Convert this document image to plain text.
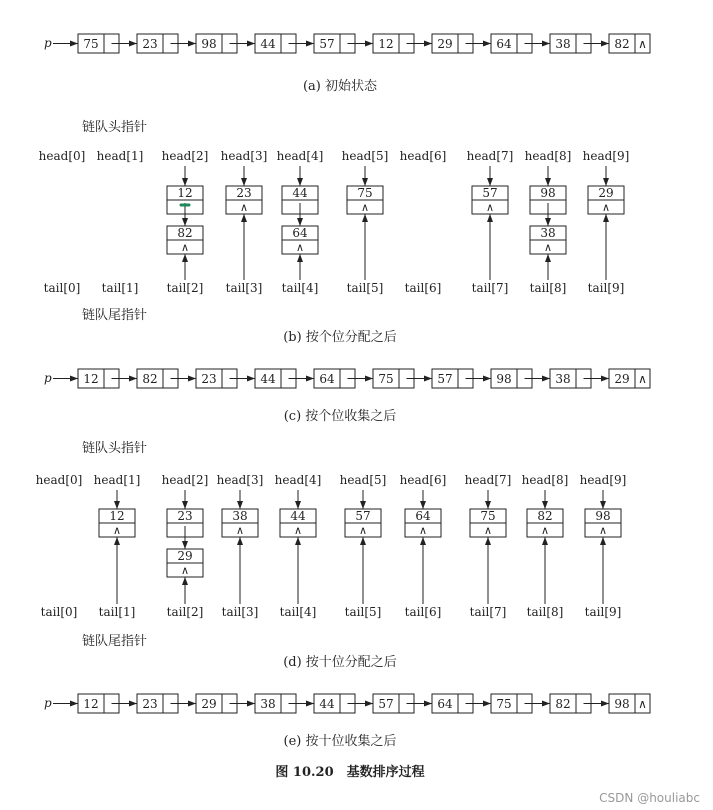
p	75	23	98	44	57	12	29	64	38	82 ∧
(a) 初始状态
链队头指针
head[0]
tail[0]
head[1]
tail[1]
head[2]
tail[2]
12
82
∧
head[3]
tail[3]
23
∧
head[4]
tail[4]
44
64
∧
head[5]
tail[5]
75
∧
head[6]
tail[6]
head[7]
tail[7]
57
∧
head[8]
tail[8]
98
38
∧
head[9]
tail[9]
29
∧
链队尾指针
(b) 按个位分配之后
p	12	82	23	44	64	75	57	98	38	29 ∧
(c) 按个位收集之后
链队头指针
head[0]
tail[0]
head[1]
tail[1]
12
∧
head[2]
tail[2]
23
29
∧
head[3]
tail[3]
38
∧
head[4]
tail[4]
44
∧
head[5]
tail[5]
57
∧
head[6]
tail[6]
64
∧
head[7]
tail[7]
75
∧
head[8]
tail[8]
82
∧
head[9]
tail[9]
98
∧
链队尾指针
(d) 按十位分配之后
p	12	23	29	38	44	57	64	75	82	98 ∧
(e) 按十位收集之后
图 10.20　基数排序过程
CSDN @houliabc
